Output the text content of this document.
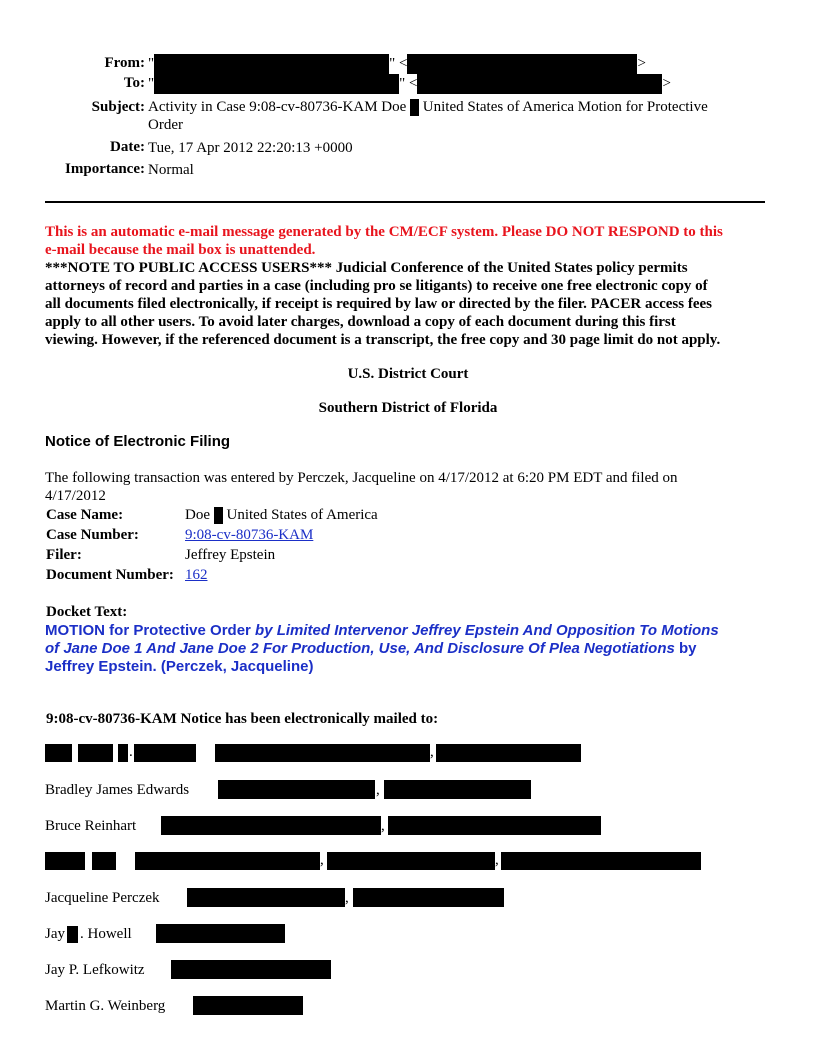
From: "	" <	>
To: "	" <	>
Subject: Activity in Case 9:08-cv-80736-KAM Doe United States of America Motion for Protective
Order
Date: Tue, 17 Apr 2012 22:20:13 +0000
Importance: Normal
This is an automatic e-mail message generated by the CM/ECF system. Please DO NOT RESPOND to this
e-mail because the mail box is unattended.
***NOTE TO PUBLIC ACCESS USERS*** Judicial Conference of the United States policy permits
attorneys of record and parties in a case (including pro se litigants) to receive one free electronic copy of
all documents filed electronically, if receipt is required by law or directed by the filer. PACER access fees
apply to all other users. To avoid later charges, download a copy of each document during this first
viewing. However, if the referenced document is a transcript, the free copy and 30 page limit do not apply.
U.S. District Court
Southern District of Florida
Notice of Electronic Filing
The following transaction was entered by Perczek, Jacqueline on 4/17/2012 at 6:20 PM EDT and filed on
4/17/2012
Case Name:	Doe United States of America
Case Number:	9:08-cv-80736-KAM
Filer:	Jeffrey Epstein
Document Number: 162
Docket Text:
MOTION for Protective Order by Limited Intervenor Jeffrey Epstein And Opposition To Motions
of Jane Doe 1 And Jane Doe 2 For Production, Use, And Disclosure Of Plea Negotiations by
Jeffrey Epstein. (Perczek, Jacqueline)
9:08-cv-80736-KAM Notice has been electronically mailed to:
.	,
Bradley James Edwards	,
Bruce Reinhart	,
,	,
Jacqueline Perczek	,
Jay . Howell
Jay P. Lefkowitz
Martin G. Weinberg
